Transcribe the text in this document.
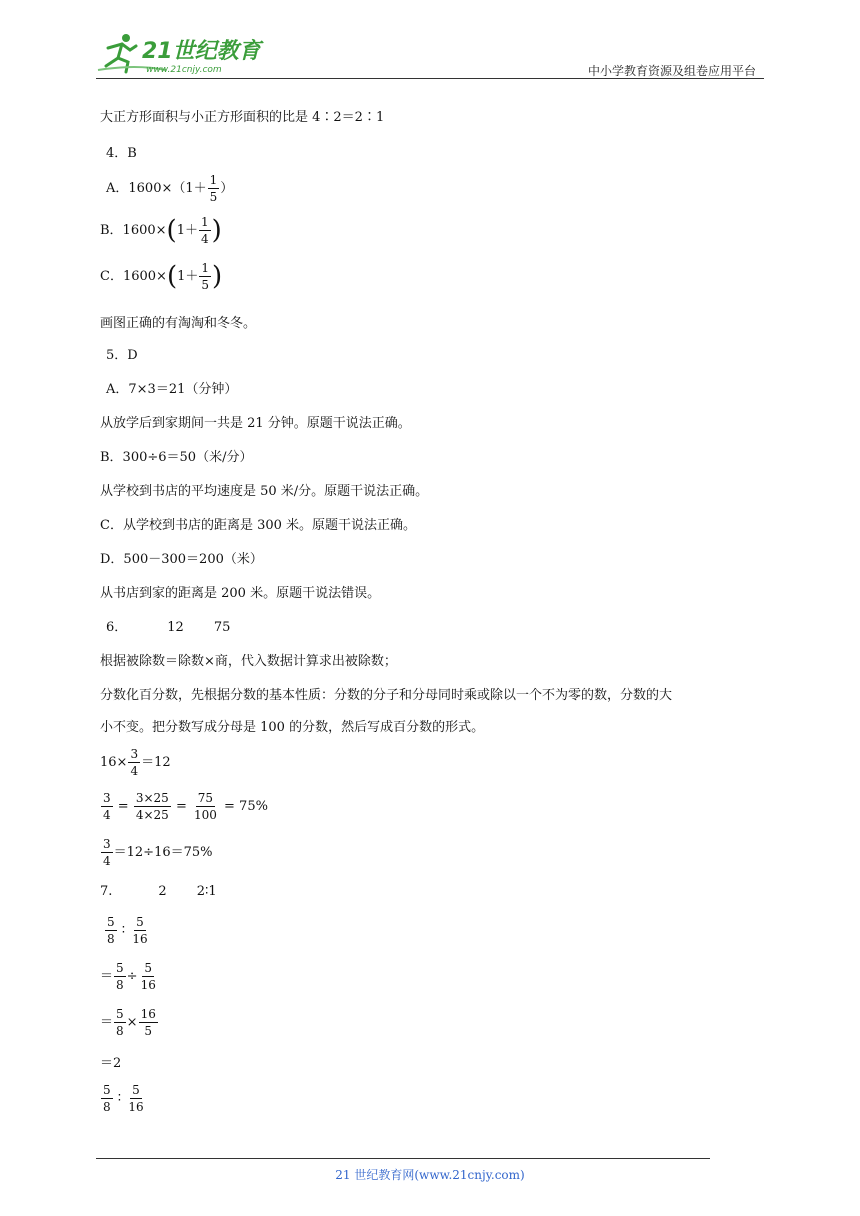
21世纪教育
www.21cnjy.com	中小学教育资源及组卷应用平台
大正方形面积与小正方形面积的比是 4∶2＝2∶1
4．B
A．$1600\times(1+ \frac{1}{5}$ ）
B．$1600\times(1+ \frac{1}{4}$ )
C．$1600\times(1+ \frac{1}{5}$ )
画图正确的有淘淘和冬冬。
5．D
A．7×3＝21（分钟）
从放学后到家期间一共是 21 分钟。原题干说法正确。
B．300÷6＝50（米/分）
从学校到书店的平均速度是 50 米/分。原题干说法正确。
C．从学校到书店的距离是 300 米。原题干说法正确。
D．500－300＝200（米）
从书店到家的距离是 200 米。原题干说法错误。
6．	12 75
根据被除数＝除数×商，代入数据计算求出被除数；
分数化百分数，先根据分数的基本性质：分数的分子和分母同时乘或除以一个不为零的数，分数的大
小不变。把分数写成分母是 100 的分数，然后写成百分数的形式。
$16\times \frac{3}{4} =12$
$\frac{3}{4} = \frac{3\times 25}{4\times 25} = \frac{75}{100} = 75\%$
$\frac{3}{4} =12\div 16=75\%$
7.	2 2∶1
$\frac{5}{8}$ ∶ $\frac{5}{16}$
＝ $\frac{5}{8} \div \frac{5}{16}$
＝ $\frac{5}{8} \times \frac{16}{5}$
＝2
$\frac{5}{8}$ ∶ $\frac{5}{16}$
21 世纪教育网(www.21cnjy.com)
